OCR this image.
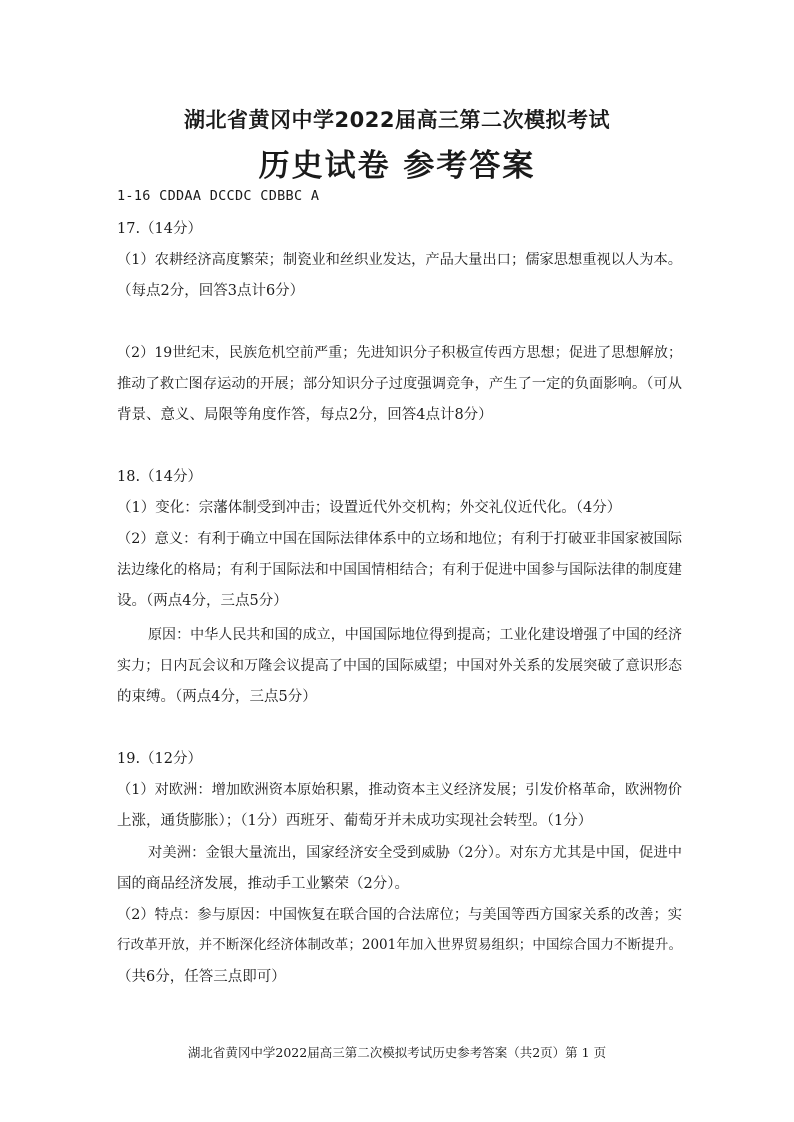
湖北省黄冈中学2022届高三第二次模拟考试
历史试卷 参考答案
1-16 CDDAA DCCDC CDBBC A
17.（14分）
（1）农耕经济高度繁荣；制瓷业和丝织业发达，产品大量出口；儒家思想重视以人为本。
（每点2分，回答3点计6分）
（2）19世纪末，民族危机空前严重；先进知识分子积极宣传西方思想；促进了思想解放；
推动了救亡图存运动的开展；部分知识分子过度强调竞争，产生了一定的负面影响。（可从
背景、意义、局限等角度作答，每点2分，回答4点计8分）
18.（14分）
（1）变化：宗藩体制受到冲击；设置近代外交机构；外交礼仪近代化。（4分）
（2）意义：有利于确立中国在国际法律体系中的立场和地位；有利于打破亚非国家被国际
法边缘化的格局；有利于国际法和中国国情相结合；有利于促进中国参与国际法律的制度建
设。（两点4分，三点5分）
原因：中华人民共和国的成立，中国国际地位得到提高；工业化建设增强了中国的经济
实力；日内瓦会议和万隆会议提高了中国的国际威望；中国对外关系的发展突破了意识形态
的束缚。（两点4分，三点5分）
19.（12分）
（1）对欧洲：增加欧洲资本原始积累，推动资本主义经济发展；引发价格革命，欧洲物价
上涨，通货膨胀）；（1分）西班牙、葡萄牙并未成功实现社会转型。（1分）
对美洲：金银大量流出，国家经济安全受到威胁（2分）。对东方尤其是中国，促进中
国的商品经济发展，推动手工业繁荣（2分）。
（2）特点：参与原因：中国恢复在联合国的合法席位；与美国等西方国家关系的改善；实
行改革开放，并不断深化经济体制改革；2001年加入世界贸易组织；中国综合国力不断提升。
（共6分，任答三点即可）
湖北省黄冈中学2022届高三第二次模拟考试历史参考答案（共2页）第 1 页
